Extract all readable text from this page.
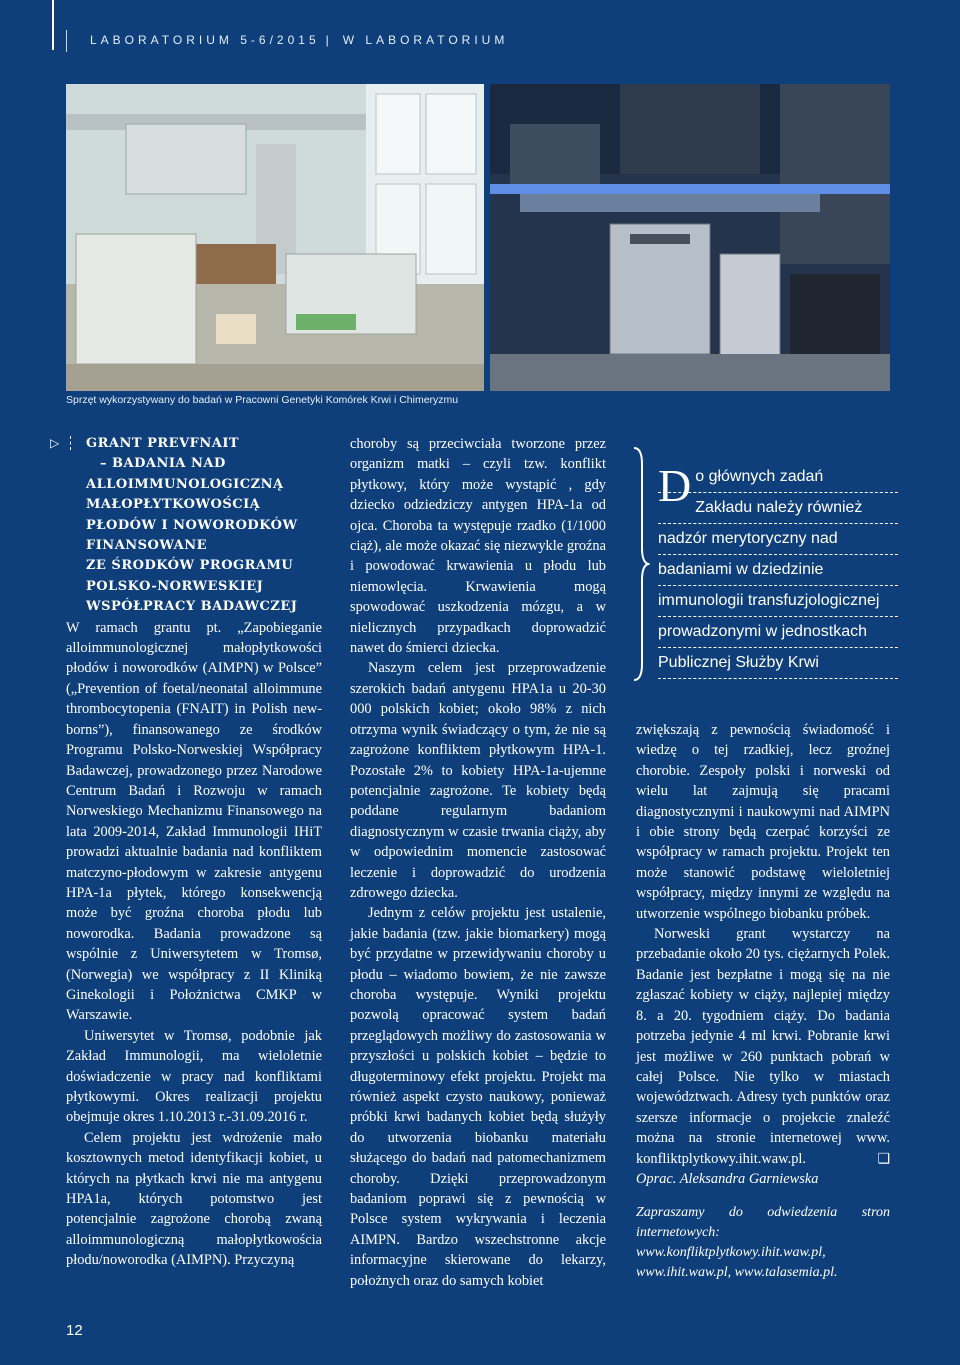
LABORATORIUM 5-6/2015 | W LABORATORIUM
Sprzęt wykorzystywany do badań w Pracowni Genetyki Komórek Krwi i Chimeryzmu
▷ GRANT PREVFNAIT
– BADANIA NAD
ALLOIMMUNOLOGICZNĄ
MAŁOPŁYTKOWOŚCIĄ
PŁODÓW I NOWORODKÓW
FINANSOWANE
ZE ŚRODKÓW PROGRAMU
POLSKO-NORWESKIEJ
WSPÓŁPRACY BADAWCZEJ

W ramach grantu pt. „Zapobieganie alloimmunologicznej małopłytkowości płodów i noworodków (AIMPN) w Polsce” („Prevention of foetal/neonatal alloimmune thrombocytopenia (FNAIT) in Polish new-borns”), finansowanego ze środków Programu Polsko-Norweskiej Współpracy Badawczej, prowadzonego przez Narodowe Centrum Badań i Rozwoju w ramach Norweskiego Mechanizmu Finansowego na lata 2009-2014, Zakład Immunologii IHiT prowadzi aktualnie badania nad konfliktem matczyno-płodowym w zakresie antygenu HPA-1a płytek, którego konsekwencją może być groźna choroba płodu lub noworodka. Badania prowadzone są wspólnie z Uniwersytetem w Tromsø, (Norwegia) we współpracy z II Kliniką Ginekologii i Położnictwa CMKP w Warszawie.

Uniwersytet w Tromsø, podobnie jak Zakład Immunologii, ma wieloletnie doświadczenie w pracy nad konfliktami płytkowymi. Okres realizacji projektu obejmuje okres 1.10.2013 r.-31.09.2016 r.

Celem projektu jest wdrożenie mało kosztownych metod identyfikacji kobiet, u których na płytkach krwi nie ma antygenu HPA1a, których potomstwo jest potencjalnie zagrożone chorobą zwaną alloimmunologiczną małopłytkowościa płodu/noworodka (AIMPN). Przyczyną

choroby są przeciwciała tworzone przez organizm matki – czyli tzw. konflikt płytkowy, który może wystąpić , gdy dziecko odziedziczy antygen HPA-1a od ojca. Choroba ta występuje rzadko (1/1000 ciąż), ale może okazać się niezwykle groźna i powodować krwawienia u płodu lub niemowlęcia. Krwawienia mogą spowodować uszkodzenia mózgu, a w nielicznych przypadkach doprowadzić nawet do śmierci dziecka.

Naszym celem jest przeprowadzenie szerokich badań antygenu HPA1a u 20-30 000 polskich kobiet; około 98% z nich otrzyma wynik świadczący o tym, że nie są zagrożone konfliktem płytkowym HPA-1. Pozostałe 2% to kobiety HPA-1a-ujemne potencjalnie zagrożone. Te kobiety będą poddane regularnym badaniom diagnostycznym w czasie trwania ciąży, aby w odpowiednim momencie zastosować leczenie i doprowadzić do urodzenia zdrowego dziecka.

Jednym z celów projektu jest ustalenie, jakie badania (tzw. jakie biomarkery) mogą być przydatne w przewidywaniu choroby u płodu – wiadomo bowiem, że nie zawsze choroba występuje. Wyniki projektu pozwolą opracować system badań przeglądowych możliwy do zastosowania w przyszłości u polskich kobiet – będzie to długoterminowy efekt projektu. Projekt ma również aspekt czysto naukowy, ponieważ próbki krwi badanych kobiet będą służyły do utworzenia biobanku materiału służącego do badań nad patomechanizmem choroby. Dzięki przeprowadzonym badaniom poprawi się z pewnością w Polsce system wykrywania i leczenia AIMPN. Bardzo wszechstronne akcje informacyjne skierowane do lekarzy, położnych oraz do samych kobiet

D o głównych zadań
Zakładu należy również
nadzór merytoryczny nad
badaniami w dziedzinie
immunologii transfuzjologicznej
prowadzonymi w jednostkach
Publicznej Służby Krwi

zwiększają z pewnością świadomość i wiedzę o tej rzadkiej, lecz groźnej chorobie. Zespoły polski i norweski od wielu lat zajmują się pracami diagnostycznymi i naukowymi nad AIMPN i obie strony będą czerpać korzyści ze współpracy w ramach projektu. Projekt ten może stanowić podstawę wieloletniej współpracy, między innymi ze względu na utworzenie wspólnego biobanku próbek.

Norweski grant wystarczy na przebadanie około 20 tys. ciężarnych Polek. Badanie jest bezpłatne i mogą się na nie zgłaszać kobiety w ciąży, najlepiej między 8. a 20. tygodniem ciąży. Do badania potrzeba jedynie 4 ml krwi. Pobranie krwi jest możliwe w 260 punktach pobrań w całej Polsce. Nie tylko w miastach województwach. Adresy tych punktów oraz szersze informacje o projekcie znaleźć można na stronie internetowej www. konfliktplytkowy.ihit.waw.pl.	❑

Oprac. Aleksandra Garniewska

Zapraszamy do odwiedzenia stron internetowych: www.konfliktplytkowy.ihit.waw.pl, www.ihit.waw.pl, www.talasemia.pl.

12
